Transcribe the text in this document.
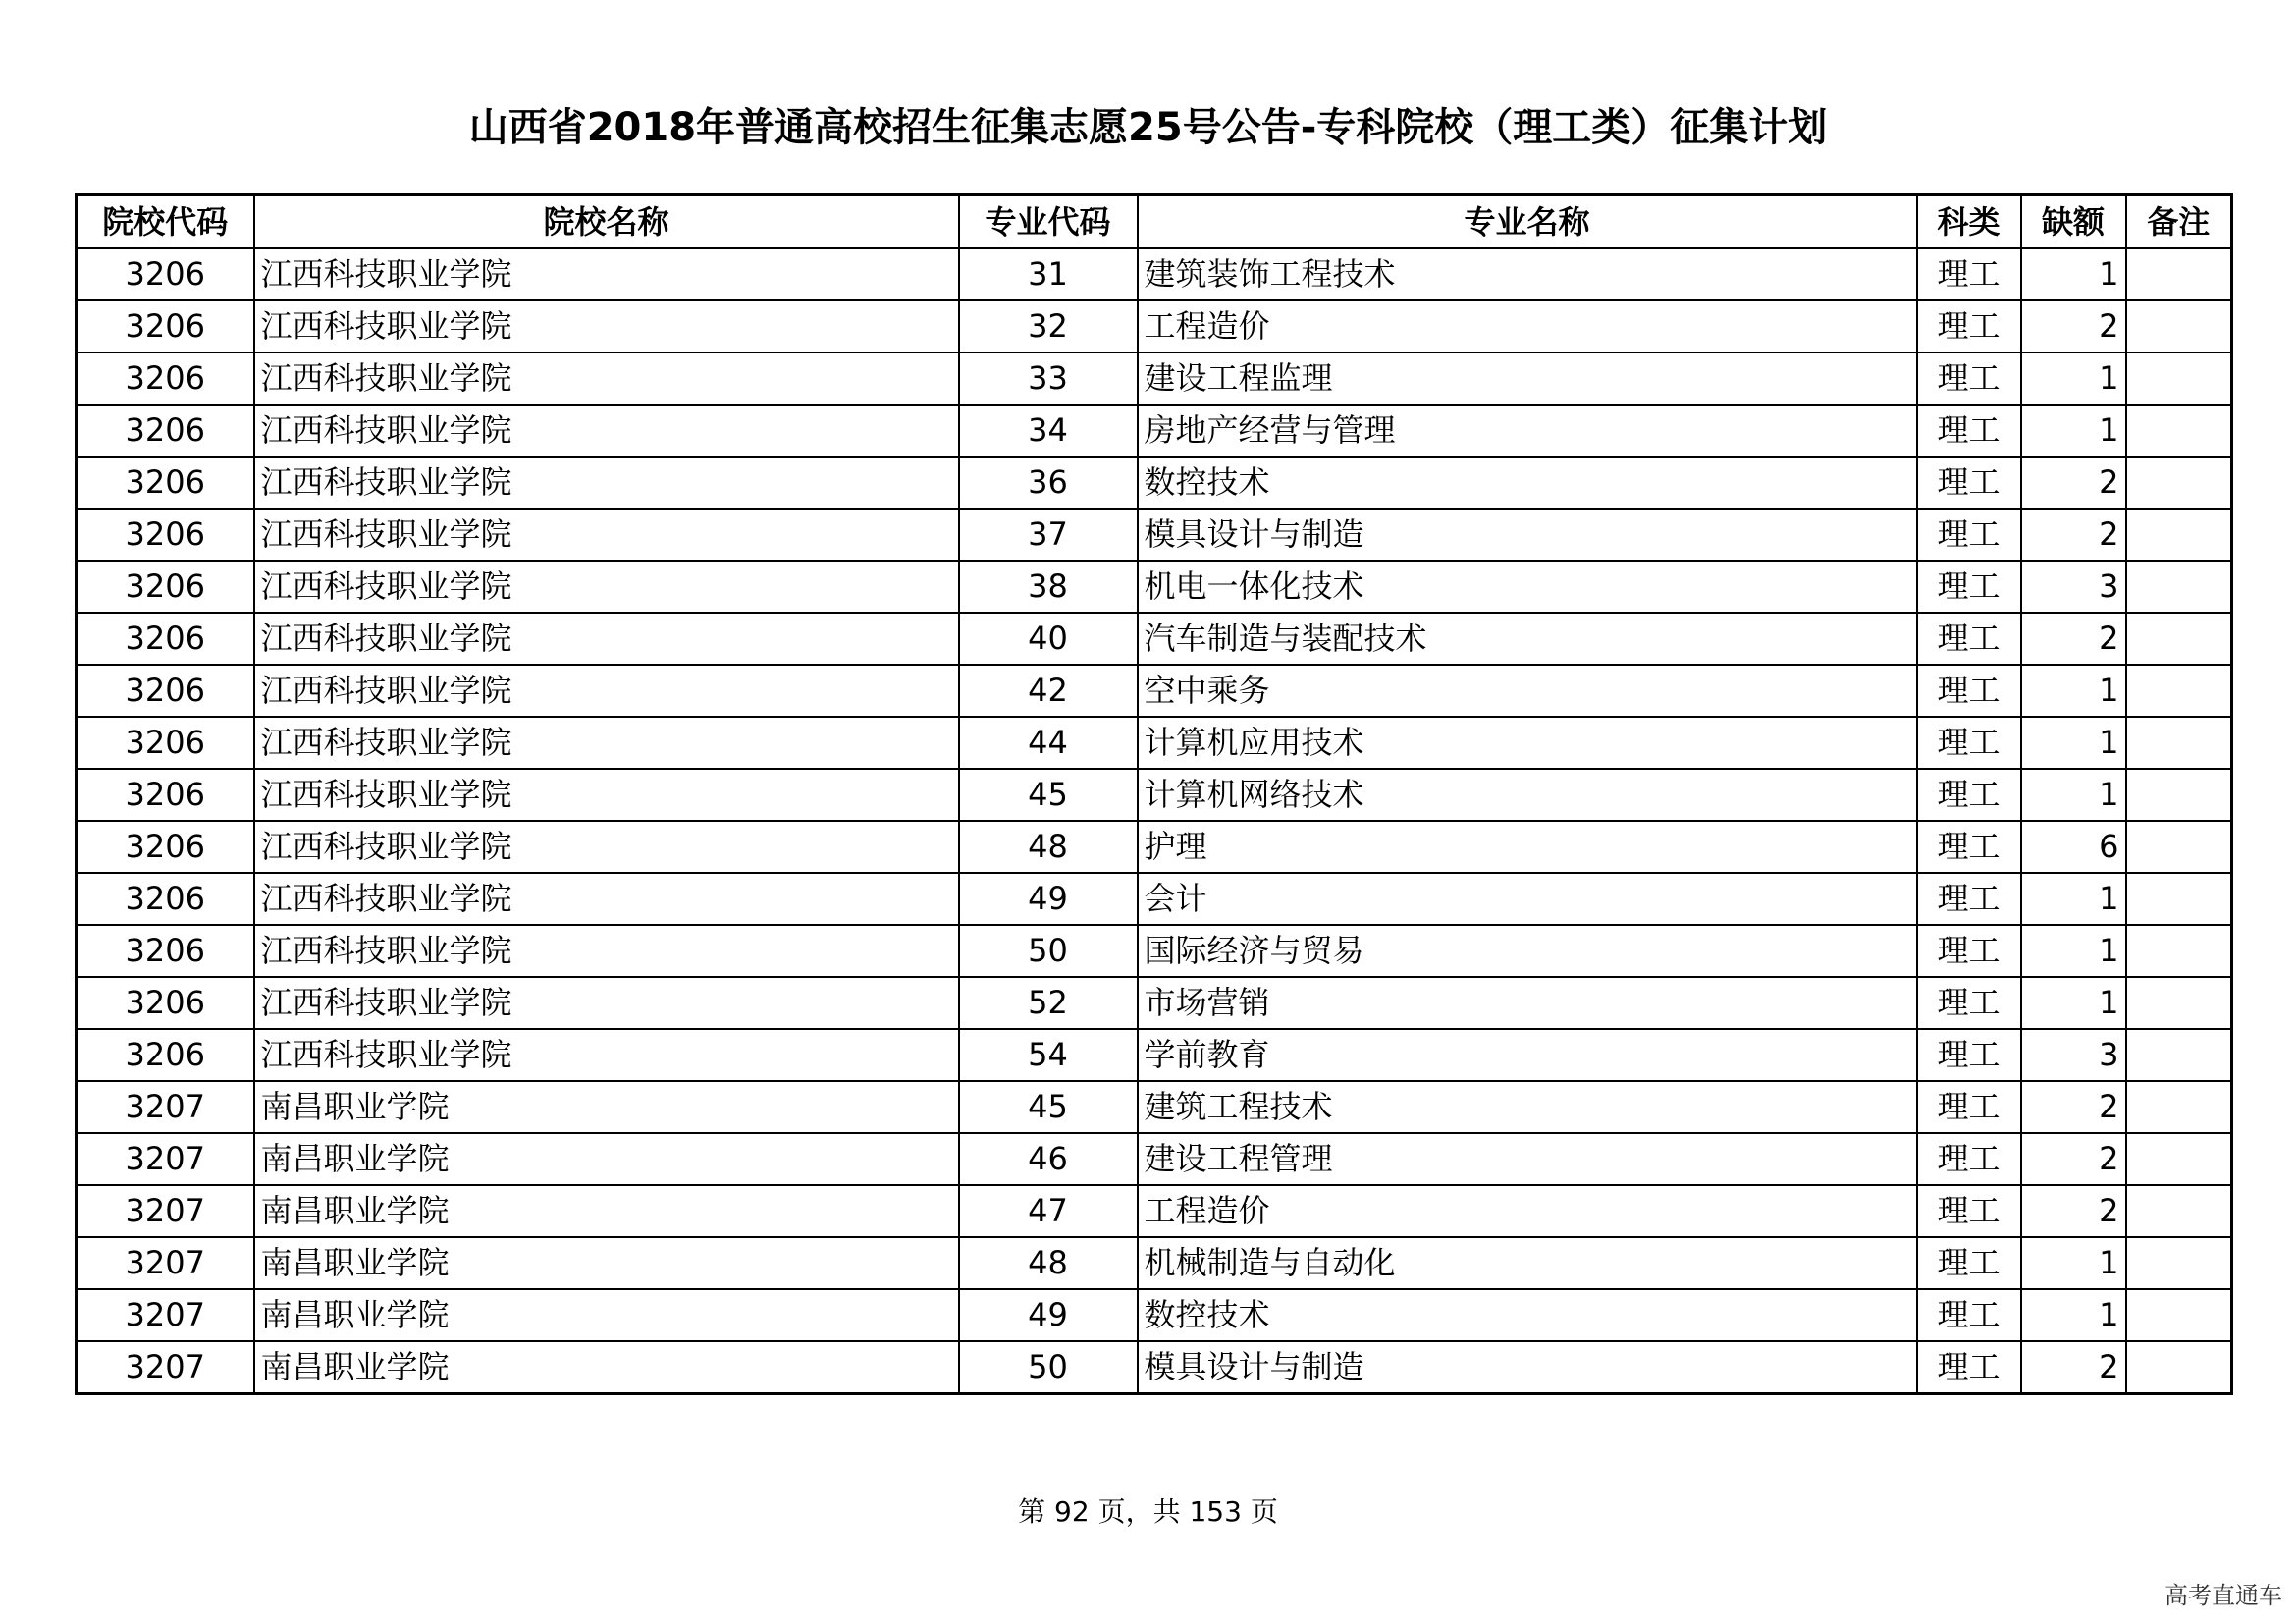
山西省2018年普通高校招生征集志愿25号公告-专科院校（理工类）征集计划
院校代码	院校名称	专业代码	专业名称	科类	缺额	备注
3206	江西科技职业学院	31	建筑装饰工程技术	理工	1	
3206	江西科技职业学院	32	工程造价	理工	2	
3206	江西科技职业学院	33	建设工程监理	理工	1	
3206	江西科技职业学院	34	房地产经营与管理	理工	1	
3206	江西科技职业学院	36	数控技术	理工	2	
3206	江西科技职业学院	37	模具设计与制造	理工	2	
3206	江西科技职业学院	38	机电一体化技术	理工	3	
3206	江西科技职业学院	40	汽车制造与装配技术	理工	2	
3206	江西科技职业学院	42	空中乘务	理工	1	
3206	江西科技职业学院	44	计算机应用技术	理工	1	
3206	江西科技职业学院	45	计算机网络技术	理工	1	
3206	江西科技职业学院	48	护理	理工	6	
3206	江西科技职业学院	49	会计	理工	1	
3206	江西科技职业学院	50	国际经济与贸易	理工	1	
3206	江西科技职业学院	52	市场营销	理工	1	
3206	江西科技职业学院	54	学前教育	理工	3	
3207	南昌职业学院	45	建筑工程技术	理工	2	
3207	南昌职业学院	46	建设工程管理	理工	2	
3207	南昌职业学院	47	工程造价	理工	2	
3207	南昌职业学院	48	机械制造与自动化	理工	1	
3207	南昌职业学院	49	数控技术	理工	1	
3207	南昌职业学院	50	模具设计与制造	理工	2	
第 92 页，共 153 页
高考直通车
